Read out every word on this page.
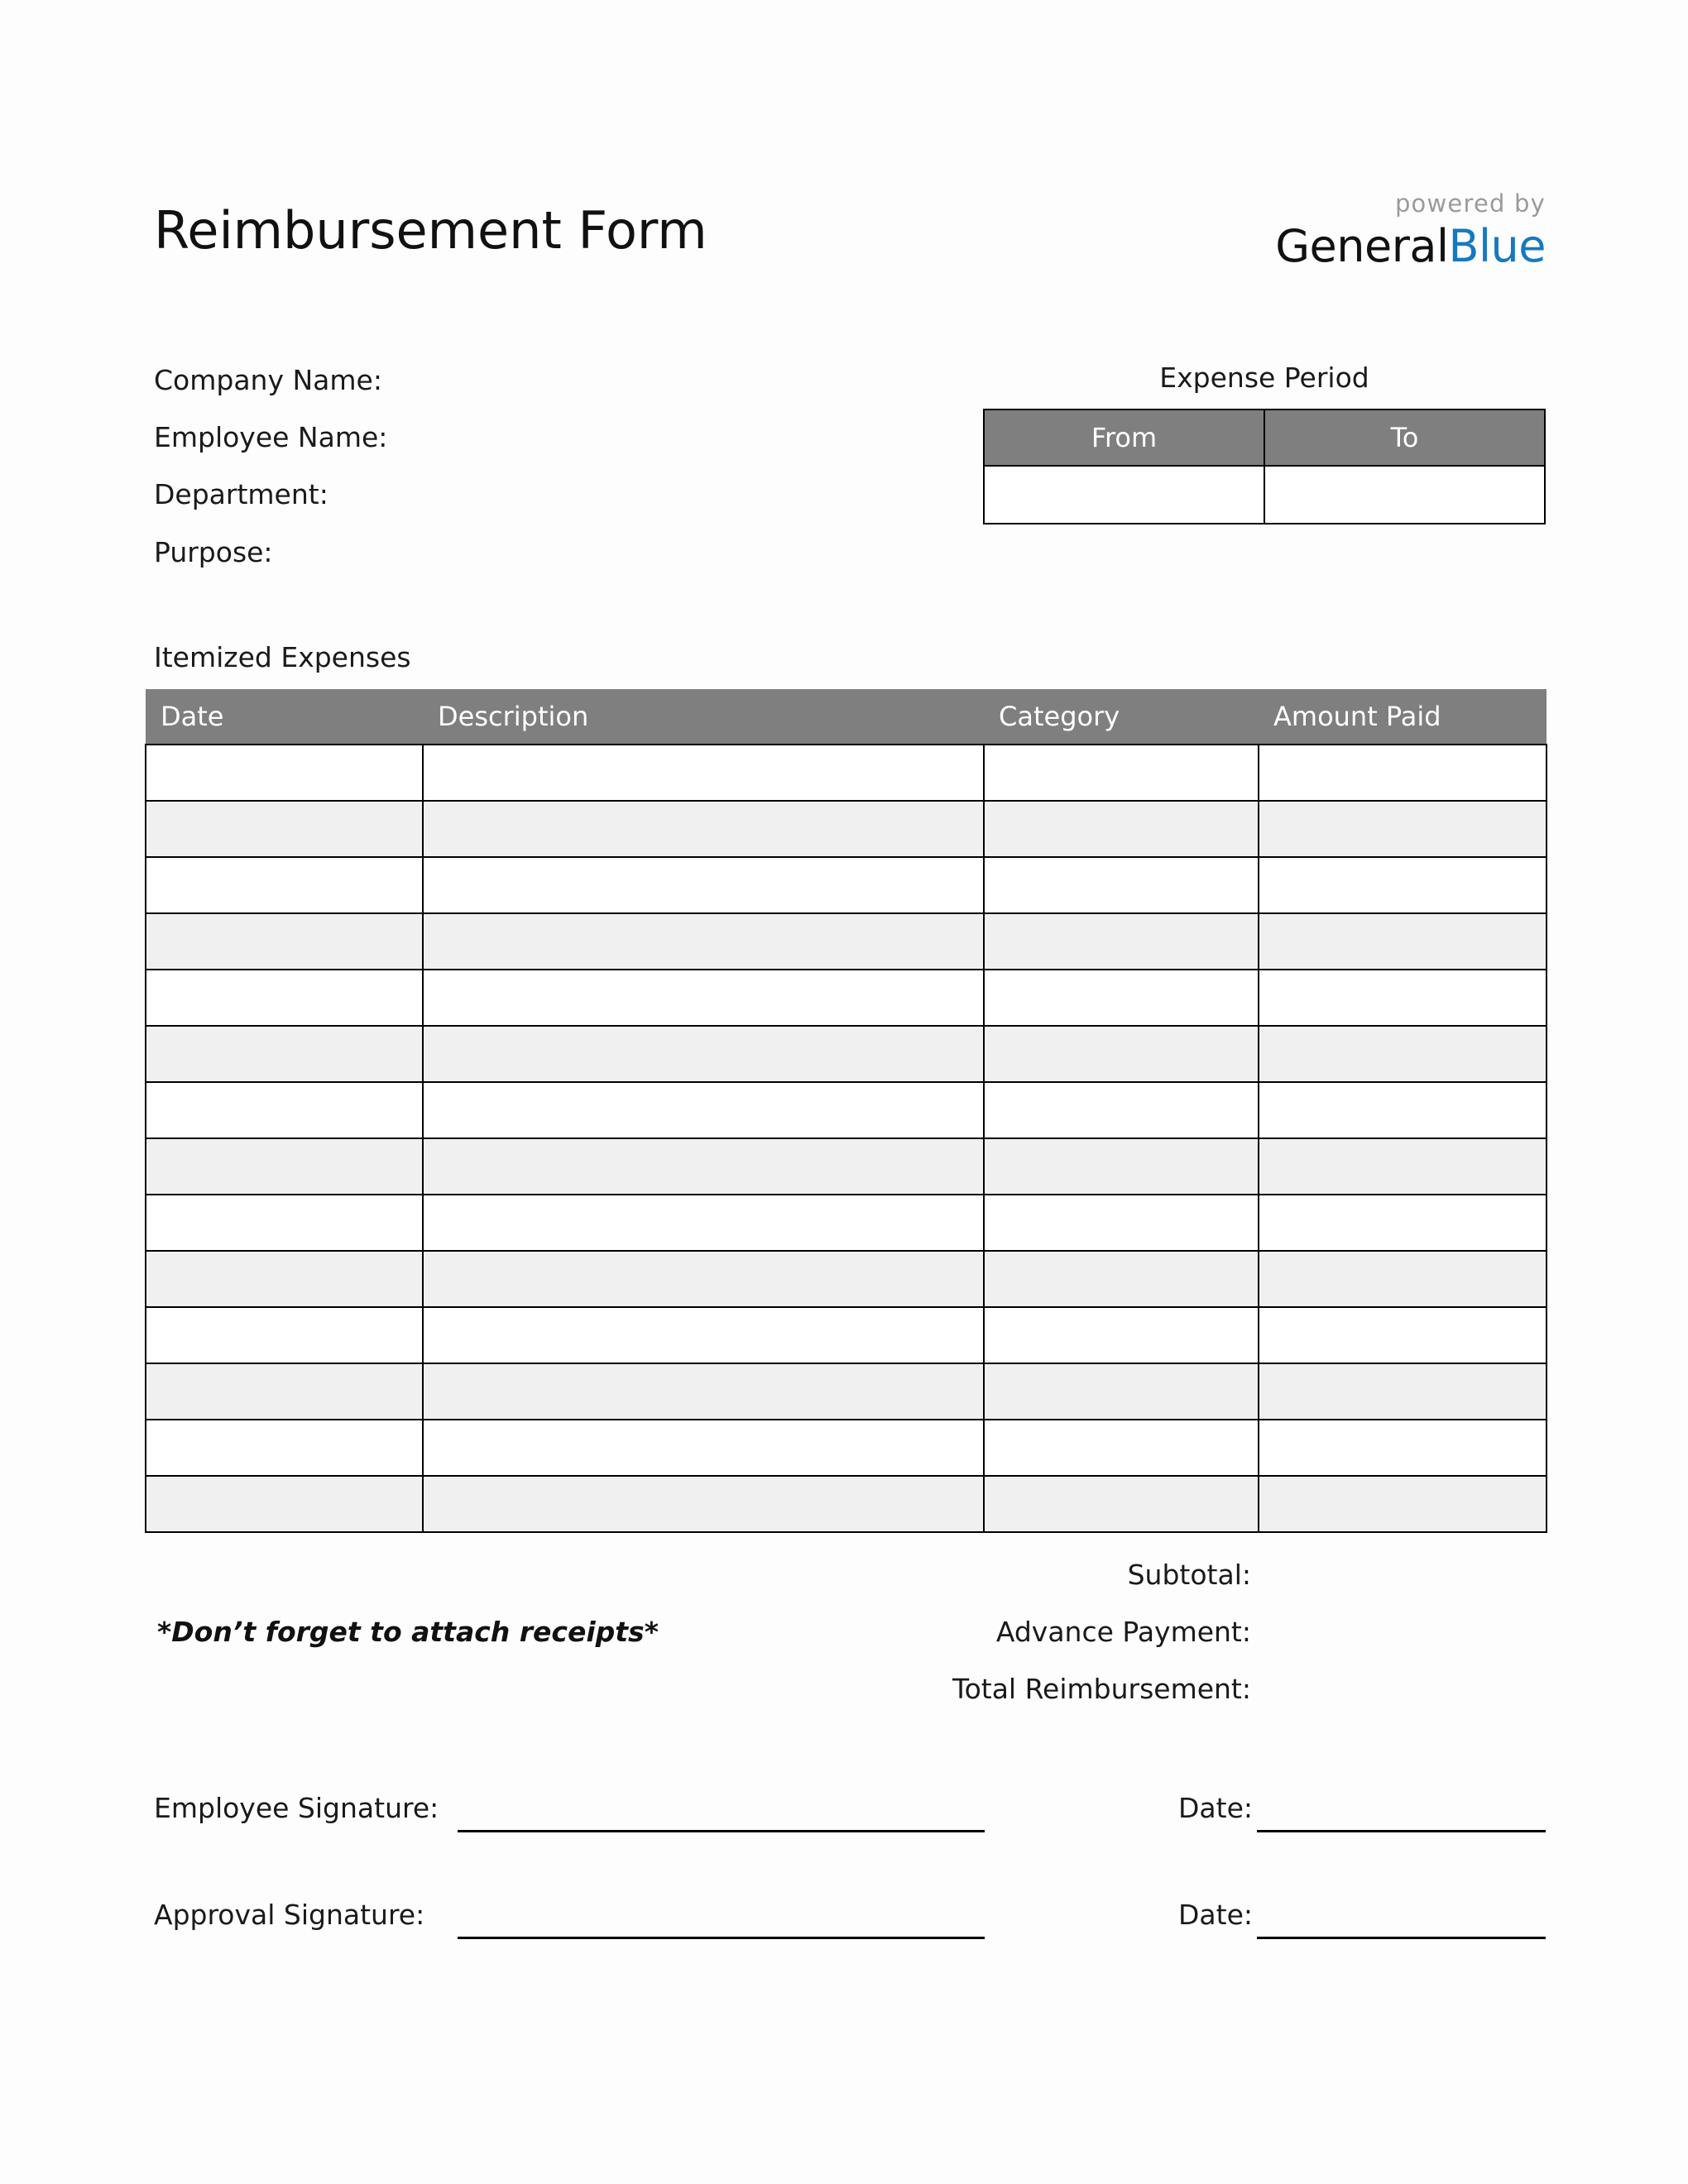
Reimbursement Form	powered by
GeneralBlue
Company Name:
Employee Name:
Department:
Purpose:
Expense Period
From	To

Itemized Expenses
Date	Description	Category	Amount Paid

Subtotal:
Advance Payment:
Total Reimbursement:
*Don’t forget to attach receipts*
Employee Signature:	Date:
Approval Signature:	Date:
